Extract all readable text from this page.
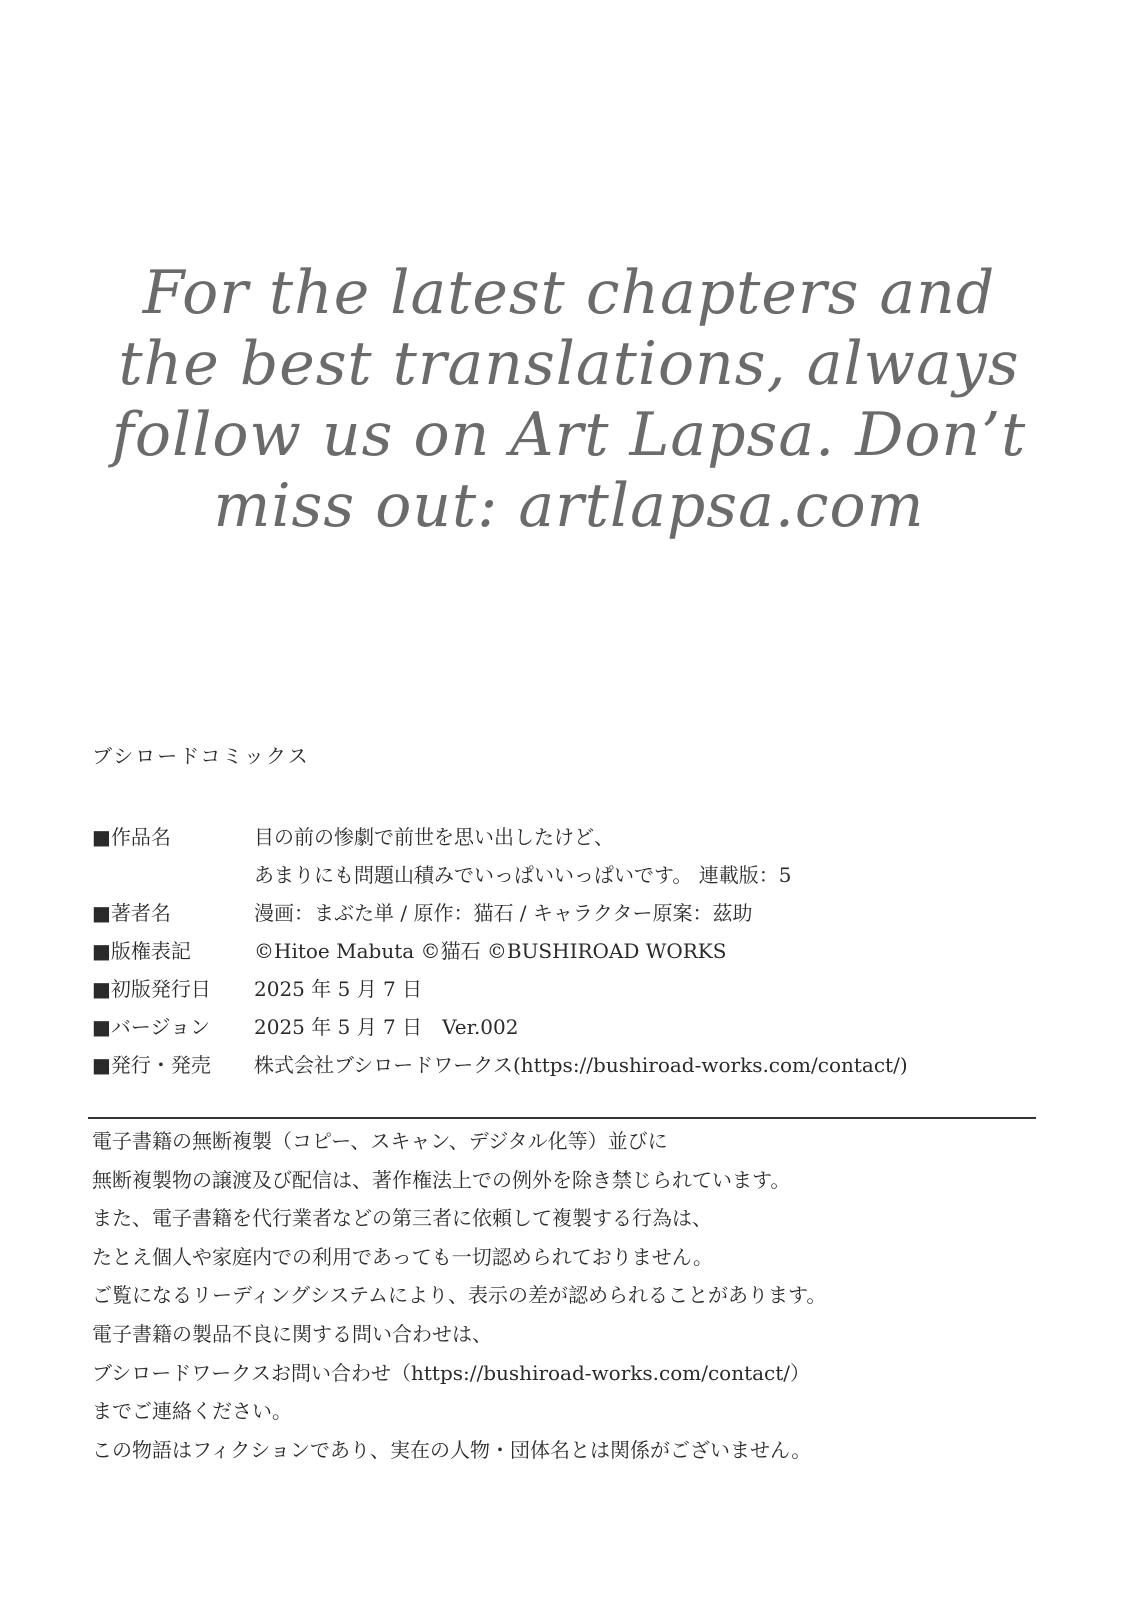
For the latest chapters and
the best translations, always
follow us on Art Lapsa. Don’t
miss out: artlapsa.com
ブシロードコミックス
■作品名	目の前の惨劇で前世を思い出したけど、
あまりにも問題山積みでいっぱいいっぱいです。 連載版：5
■著者名	漫画：まぶた単 / 原作：猫石 / キャラクター原案：茲助
■版権表記	©Hitoe Mabuta ©猫石 ©BUSHIROAD WORKS
■初版発行日	2025 年 5 月 7 日
■バージョン	2025 年 5 月 7 日　Ver.002
■発行・発売	株式会社ブシロードワークス(https://bushiroad-works.com/contact/)
電子書籍の無断複製（コピー、スキャン、デジタル化等）並びに
無断複製物の譲渡及び配信は、著作権法上での例外を除き禁じられています。
また、電子書籍を代行業者などの第三者に依頼して複製する行為は、
たとえ個人や家庭内での利用であっても一切認められておりません。
ご覧になるリーディングシステムにより、表示の差が認められることがあります。
電子書籍の製品不良に関する問い合わせは、
ブシロードワークスお問い合わせ（https://bushiroad-works.com/contact/）
までご連絡ください。
この物語はフィクションであり、実在の人物・団体名とは関係がございません。
